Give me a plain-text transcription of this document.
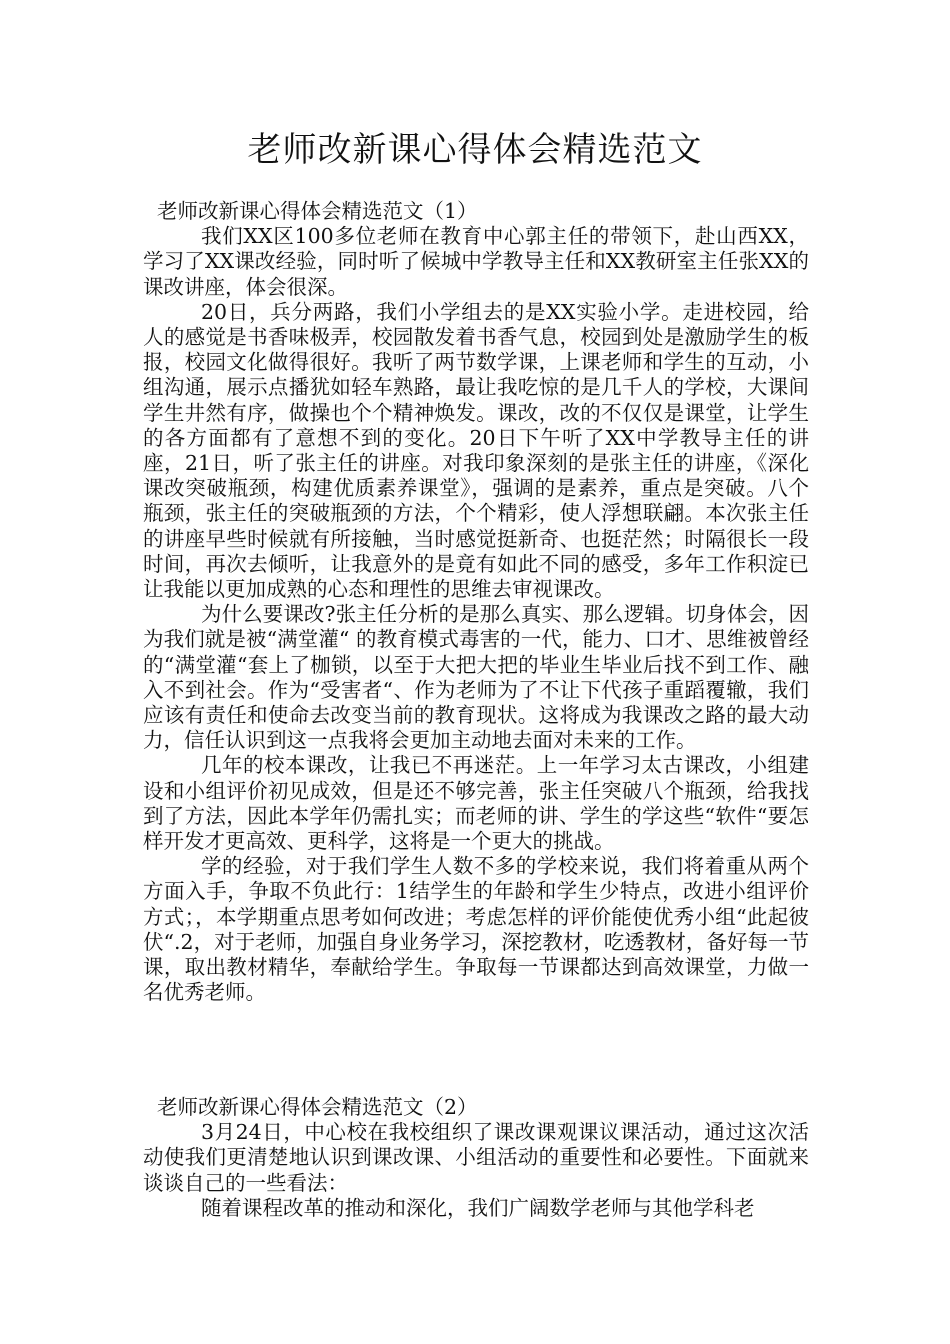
老师改新课心得体会精选范文
老师改新课心得体会精选范文（1）

我们XX区100多位老师在教育中心郭主任的带领下，赴山西XX，学习了XX课改经验，同时听了候城中学教导主任和XX教研室主任张XX的课改讲座，体会很深。

20日，兵分两路，我们小学组去的是XX实验小学。走进校园，给人的感觉是书香味极弄，校园散发着书香气息，校园到处是激励学生的板报，校园文化做得很好。我听了两节数学课，上课老师和学生的互动，小组沟通，展示点播犹如轻车熟路，最让我吃惊的是几千人的学校，大课间学生井然有序，做操也个个精神焕发。课改，改的不仅仅是课堂，让学生的各方面都有了意想不到的变化。20日下午听了XX中学教导主任的讲座，21日，听了张主任的讲座。对我印象深刻的是张主任的讲座，《深化课改突破瓶颈，构建优质素养课堂》，强调的是素养，重点是突破。八个瓶颈，张主任的突破瓶颈的方法，个个精彩，使人浮想联翩。本次张主任的讲座早些时候就有所接触，当时感觉挺新奇、也挺茫然；时隔很长一段时间，再次去倾听，让我意外的是竟有如此不同的感受，多年工作积淀已让我能以更加成熟的心态和理性的思维去审视课改。

为什么要课改?张主任分析的是那么真实、那么逻辑。切身体会，因为我们就是被“满堂灌“ 的教育模式毒害的一代，能力、口才、思维被曾经的“满堂灌“套上了枷锁，以至于大把大把的毕业生毕业后找不到工作、融入不到社会。作为“受害者“、作为老师为了不让下代孩子重蹈覆辙，我们应该有责任和使命去改变当前的教育现状。这将成为我课改之路的最大动力，信任认识到这一点我将会更加主动地去面对未来的工作。

几年的校本课改，让我已不再迷茫。上一年学习太古课改，小组建设和小组评价初见成效，但是还不够完善，张主任突破八个瓶颈，给我找到了方法，因此本学年仍需扎实；而老师的讲、学生的学这些“软件“要怎样开发才更高效、更科学，这将是一个更大的挑战。

学的经验，对于我们学生人数不多的学校来说，我们将着重从两个方面入手，争取不负此行：1结学生的年龄和学生少特点，改进小组评价方式；，本学期重点思考如何改进；考虑怎样的评价能使优秀小组“此起彼伏“.2，对于老师，加强自身业务学习，深挖教材，吃透教材，备好每一节课，取出教材精华，奉献给学生。争取每一节课都达到高效课堂，力做一名优秀老师。

老师改新课心得体会精选范文（2）

3月24日，中心校在我校组织了课改课观课议课活动，通过这次活动使我们更清楚地认识到课改课、小组活动的重要性和必要性。下面就来谈谈自己的一些看法：

随着课程改革的推动和深化，我们广阔数学老师与其他学科老
